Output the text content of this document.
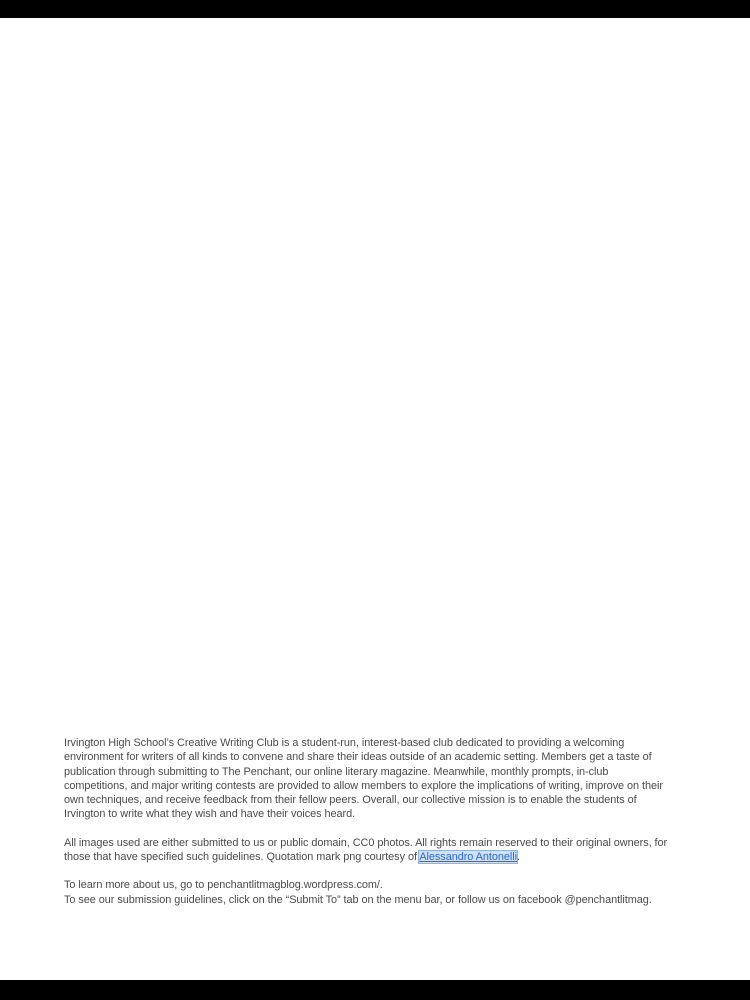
Irvington High School’s Creative Writing Club is a student-run, interest-based club dedicated to providing a welcoming environment for writers of all kinds to convene and share their ideas outside of an academic setting. Members get a taste of publication through submitting to The Penchant, our online literary magazine. Meanwhile, monthly prompts, in-club competitions, and major writing contests are provided to allow members to explore the implications of writing, improve on their own techniques, and receive feedback from their fellow peers. Overall, our collective mission is to enable the students of Irvington to write what they wish and have their voices heard.

All images used are either submitted to us or public domain, CC0 photos. All rights remain reserved to their original owners, for those that have specified such guidelines. Quotation mark png courtesy of Alessandro Antonelli.

To learn more about us, go to penchantlitmagblog.wordpress.com/.

To see our submission guidelines, click on the “Submit To” tab on the menu bar, or follow us on facebook @penchantlitmag.
